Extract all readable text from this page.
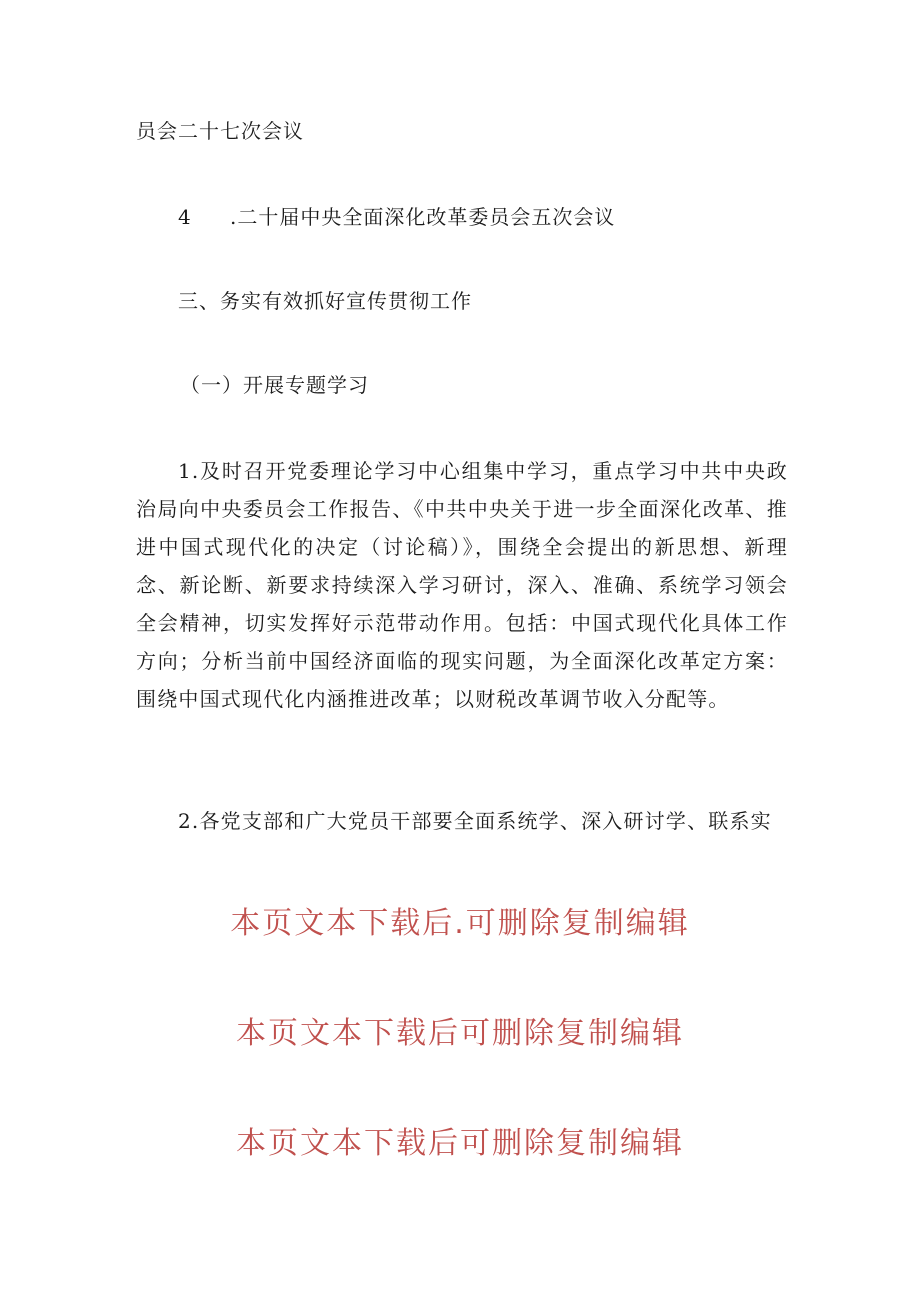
员会二十七次会议
4 .二十届中央全面深化改革委员会五次会议
三、务实有效抓好宣传贯彻工作
（一）开展专题学习

1.及时召开党委理论学习中心组集中学习，重点学习中共中央政治局向中央委员会工作报告、《中共中央关于进一步全面深化改革、推进中国式现代化的决定（讨论稿）》，围绕全会提出的新思想、新理念、新论断、新要求持续深入学习研讨，深入、准确、系统学习领会全会精神，切实发挥好示范带动作用。包括：中国式现代化具体工作方向；分析当前中国经济面临的现实问题，为全面深化改革定方案：围绕中国式现代化内涵推进改革；以财税改革调节收入分配等。

2.各党支部和广大党员干部要全面系统学、深入研讨学、联系实
本页文本下载后.可删除复制编辑
本页文本下载后可删除复制编辑
本页文本下载后可删除复制编辑
